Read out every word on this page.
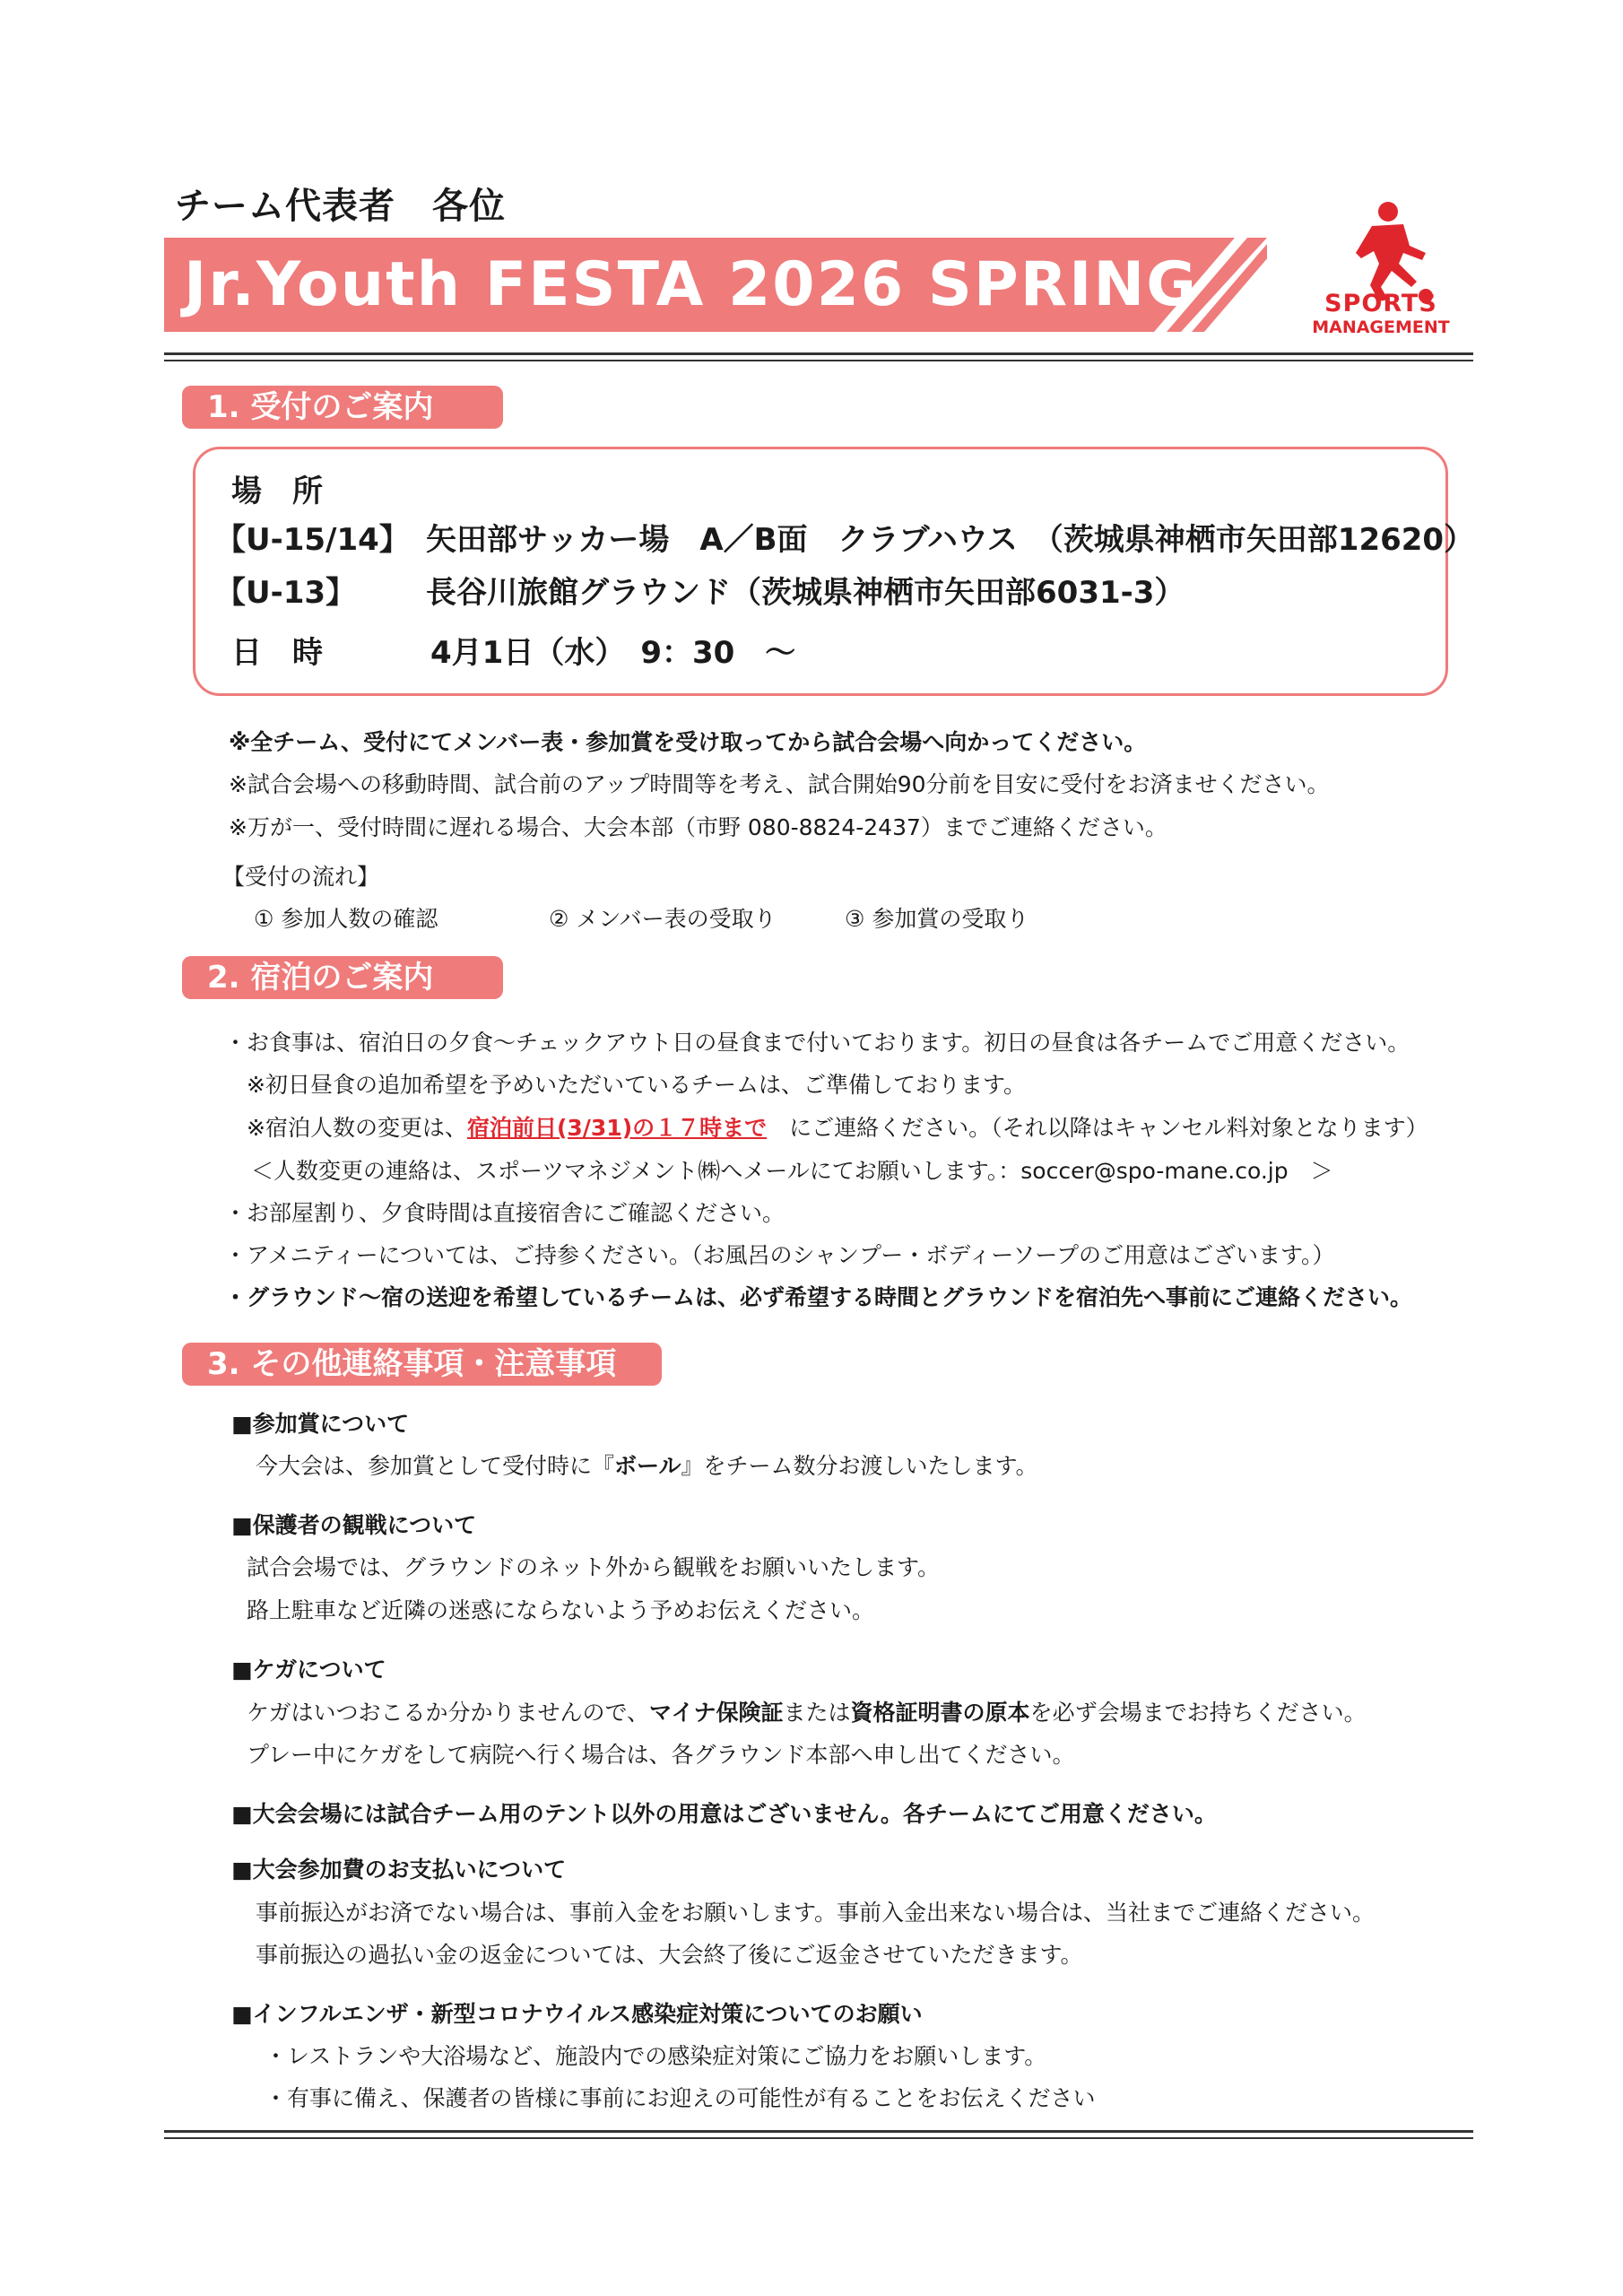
チーム代表者　各位
Jr.Youth FESTA 2026 SPRING	SPORTS
MANAGEMENT
1. 受付のご案内
場　所
【U-15/14】 矢田部サッカー場　A／B面　クラブハウス　（茨城県神栖市矢田部12620）
【U-13】 長谷川旅館グラウンド（茨城県神栖市矢田部6031-3）
日　時	4月1日（水）　9：30　～
※全チーム、受付にてメンバー表・参加賞を受け取ってから試合会場へ向かってください。
※試合会場への移動時間、試合前のアップ時間等を考え、試合開始90分前を目安に受付をお済ませください。
※万が一、受付時間に遅れる場合、大会本部（市野 080-8824-2437）までご連絡ください。
【受付の流れ】
① 参加人数の確認	② メンバー表の受取り	③ 参加賞の受取り
2. 宿泊のご案内
・お食事は、宿泊日の夕食～チェックアウト日の昼食まで付いております。初日の昼食は各チームでご用意ください。
※初日昼食の追加希望を予めいただいているチームは、ご準備しております。
※宿泊人数の変更は、宿泊前日(3/31)の１７時まで　にご連絡ください。（それ以降はキャンセル料対象となります）
＜人数変更の連絡は、スポーツマネジメント㈱へメールにてお願いします。：soccer@spo-mane.co.jp　＞
・お部屋割り、夕食時間は直接宿舎にご確認ください。
・アメニティーについては、ご持参ください。（お風呂のシャンプー・ボディーソープのご用意はございます。）
・グラウンド～宿の送迎を希望しているチームは、必ず希望する時間とグラウンドを宿泊先へ事前にご連絡ください。
3. その他連絡事項・注意事項
■参加賞について
今大会は、参加賞として受付時に『ボール』をチーム数分お渡しいたします。
■保護者の観戦について
試合会場では、グラウンドのネット外から観戦をお願いいたします。
路上駐車など近隣の迷惑にならないよう予めお伝えください。
■ケガについて
ケガはいつおこるか分かりませんので、マイナ保険証または資格証明書の原本を必ず会場までお持ちください。
プレー中にケガをして病院へ行く場合は、各グラウンド本部へ申し出てください。
■大会会場には試合チーム用のテント以外の用意はございません。各チームにてご用意ください。
■大会参加費のお支払いについて
事前振込がお済でない場合は、事前入金をお願いします。事前入金出来ない場合は、当社までご連絡ください。
事前振込の過払い金の返金については、大会終了後にご返金させていただきます。
■インフルエンザ・新型コロナウイルス感染症対策についてのお願い
・レストランや大浴場など、施設内での感染症対策にご協力をお願いします。
・有事に備え、保護者の皆様に事前にお迎えの可能性が有ることをお伝えください
